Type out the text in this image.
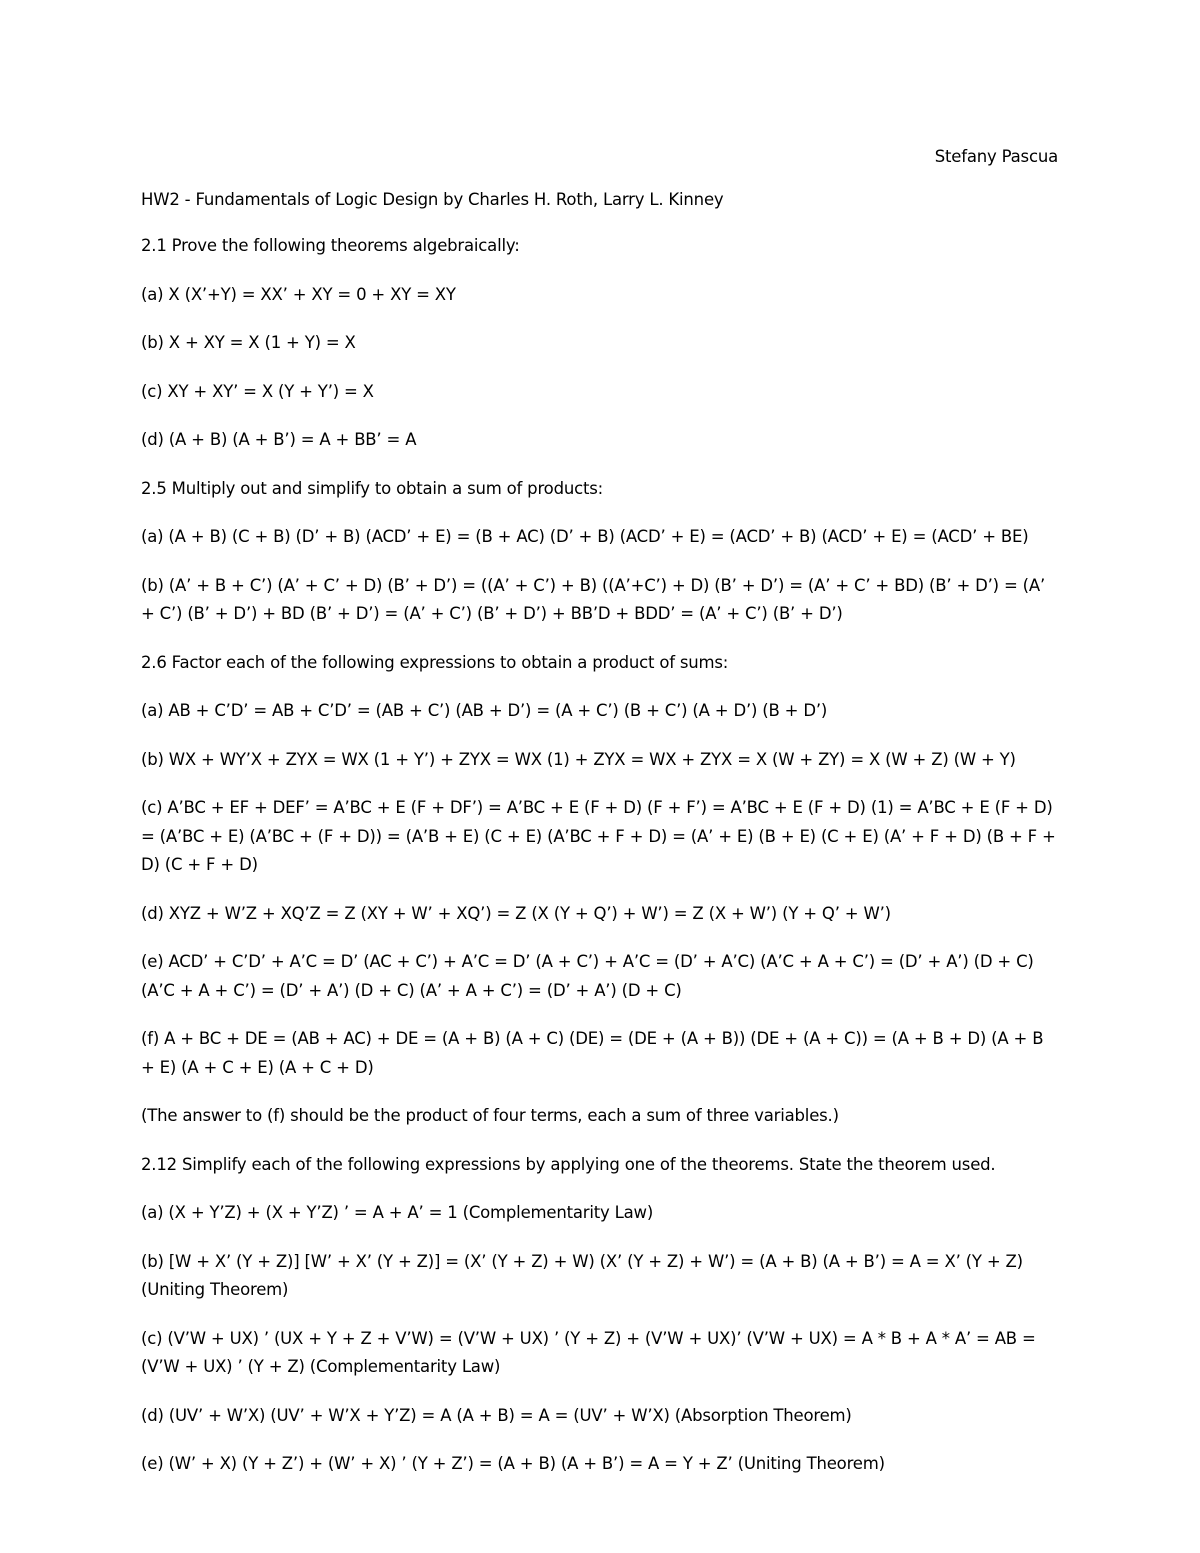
Stefany Pascua

HW2 - Fundamentals of Logic Design by Charles H. Roth, Larry L. Kinney

2.1 Prove the following theorems algebraically:

(a) X (X’+Y) = XX’ + XY = 0 + XY = XY

(b) X + XY = X (1 + Y) = X

(c) XY + XY’ = X (Y + Y’) = X

(d) (A + B) (A + B’) = A + BB’ = A

2.5 Multiply out and simplify to obtain a sum of products:

(a) (A + B) (C + B) (D’ + B) (ACD’ + E) = (B + AC) (D’ + B) (ACD’ + E) = (ACD’ + B) (ACD’ + E) = (ACD’ + BE)

(b) (A’ + B + C’) (A’ + C’ + D) (B’ + D’) = ((A’ + C’) + B) ((A’+C’) + D) (B’ + D’) = (A’ + C’ + BD) (B’ + D’) = (A’ + C’) (B’ + D’) + BD (B’ + D’) = (A’ + C’) (B’ + D’) + BB’D + BDD’ = (A’ + C’) (B’ + D’)

2.6 Factor each of the following expressions to obtain a product of sums:

(a) AB + C’D’ = AB + C’D’ = (AB + C’) (AB + D’) = (A + C’) (B + C’) (A + D’) (B + D’)

(b) WX + WY’X + ZYX = WX (1 + Y’) + ZYX = WX (1) + ZYX = WX + ZYX = X (W + ZY) = X (W + Z) (W + Y)

(c) A’BC + EF + DEF’ = A’BC + E (F + DF’) = A’BC + E (F + D) (F + F’) = A’BC + E (F + D) (1) = A’BC + E (F + D) = (A’BC + E) (A’BC + (F + D)) = (A’B + E) (C + E) (A’BC + F + D) = (A’ + E) (B + E) (C + E) (A’ + F + D) (B + F + D) (C + F + D)

(d) XYZ + W’Z + XQ’Z = Z (XY + W’ + XQ’) = Z (X (Y + Q’) + W’) = Z (X + W’) (Y + Q’ + W’)

(e) ACD’ + C’D’ + A’C = D’ (AC + C’) + A’C = D’ (A + C’) + A’C = (D’ + A’C) (A’C + A + C’) = (D’ + A’) (D + C) (A’C + A + C’) = (D’ + A’) (D + C) (A’ + A + C’) = (D’ + A’) (D + C)

(f) A + BC + DE = (AB + AC) + DE = (A + B) (A + C) (DE) = (DE + (A + B)) (DE + (A + C)) = (A + B + D) (A + B + E) (A + C + E) (A + C + D)

(The answer to (f) should be the product of four terms, each a sum of three variables.)

2.12 Simplify each of the following expressions by applying one of the theorems. State the theorem used.

(a) (X + Y’Z) + (X + Y’Z) ’ = A + A’ = 1 (Complementarity Law)

(b) [W + X’ (Y + Z)] [W’ + X’ (Y + Z)] = (X’ (Y + Z) + W) (X’ (Y + Z) + W’) = (A + B) (A + B’) = A = X’ (Y + Z) (Uniting Theorem)

(c) (V’W + UX) ’ (UX + Y + Z + V’W) = (V’W + UX) ’ (Y + Z) + (V’W + UX)’ (V’W + UX) = A * B + A * A’ = AB = (V’W + UX) ’ (Y + Z) (Complementarity Law)

(d) (UV’ + W’X) (UV’ + W’X + Y’Z) = A (A + B) = A = (UV’ + W’X) (Absorption Theorem)

(e) (W’ + X) (Y + Z’) + (W’ + X) ’ (Y + Z’) = (A + B) (A + B’) = A = Y + Z’ (Uniting Theorem)
